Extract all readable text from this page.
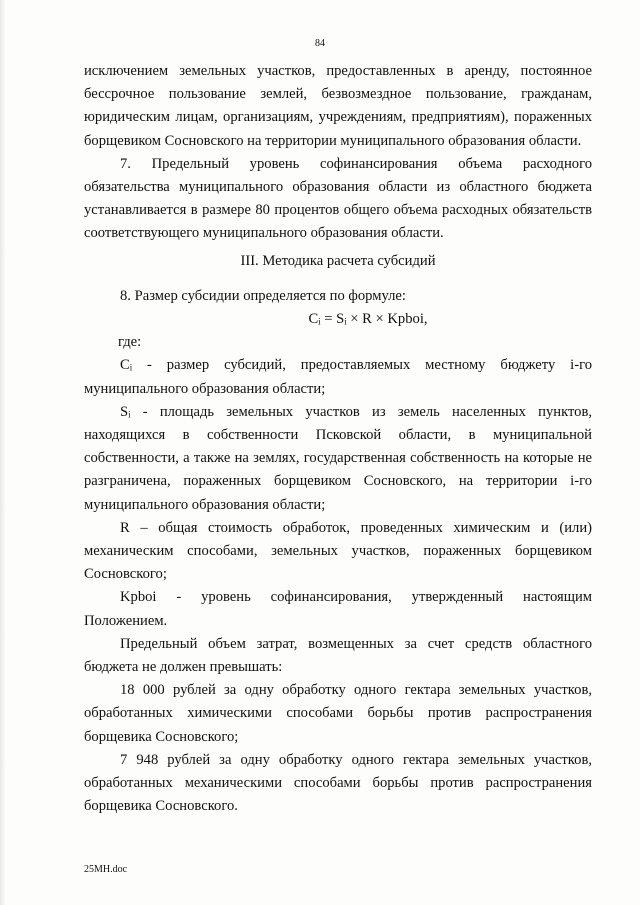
84

исключением земельных участков, предоставленных в аренду, постоянное бессрочное пользование землей, безвозмездное пользование, гражданам, юридическим лицам, организациям, учреждениям, предприятиям), пораженных борщевиком Сосновского на территории муниципального образования области.

7. Предельный уровень софинансирования объема расходного обязательства муниципального образования области из областного бюджета устанавливается в размере 80 процентов общего объема расходных обязательств соответствующего муниципального образования области.

III. Методика расчета субсидий

8. Размер субсидии определяется по формуле:

Cᵢ = Sᵢ × R × Kpboi,

где:

Cᵢ - размер субсидий, предоставляемых местному бюджету i-го муниципального образования области;

Sᵢ - площадь земельных участков из земель населенных пунктов, находящихся в собственности Псковской области, в муниципальной собственности, а также на землях, государственная собственность на которые не разграничена, пораженных борщевиком Сосновского, на территории i-го муниципального образования области;

R – общая стоимость обработок, проведенных химическим и (или) механическим способами, земельных участков, пораженных борщевиком Сосновского;

Kpboi - уровень софинансирования, утвержденный настоящим Положением.

Предельный объем затрат, возмещенных за счет средств областного бюджета не должен превышать:

18 000 рублей за одну обработку одного гектара земельных участков, обработанных химическими способами борьбы против распространения борщевика Сосновского;

7 948 рублей за одну обработку одного гектара земельных участков, обработанных механическими способами борьбы против распространения борщевика Сосновского.

25МН.doc
